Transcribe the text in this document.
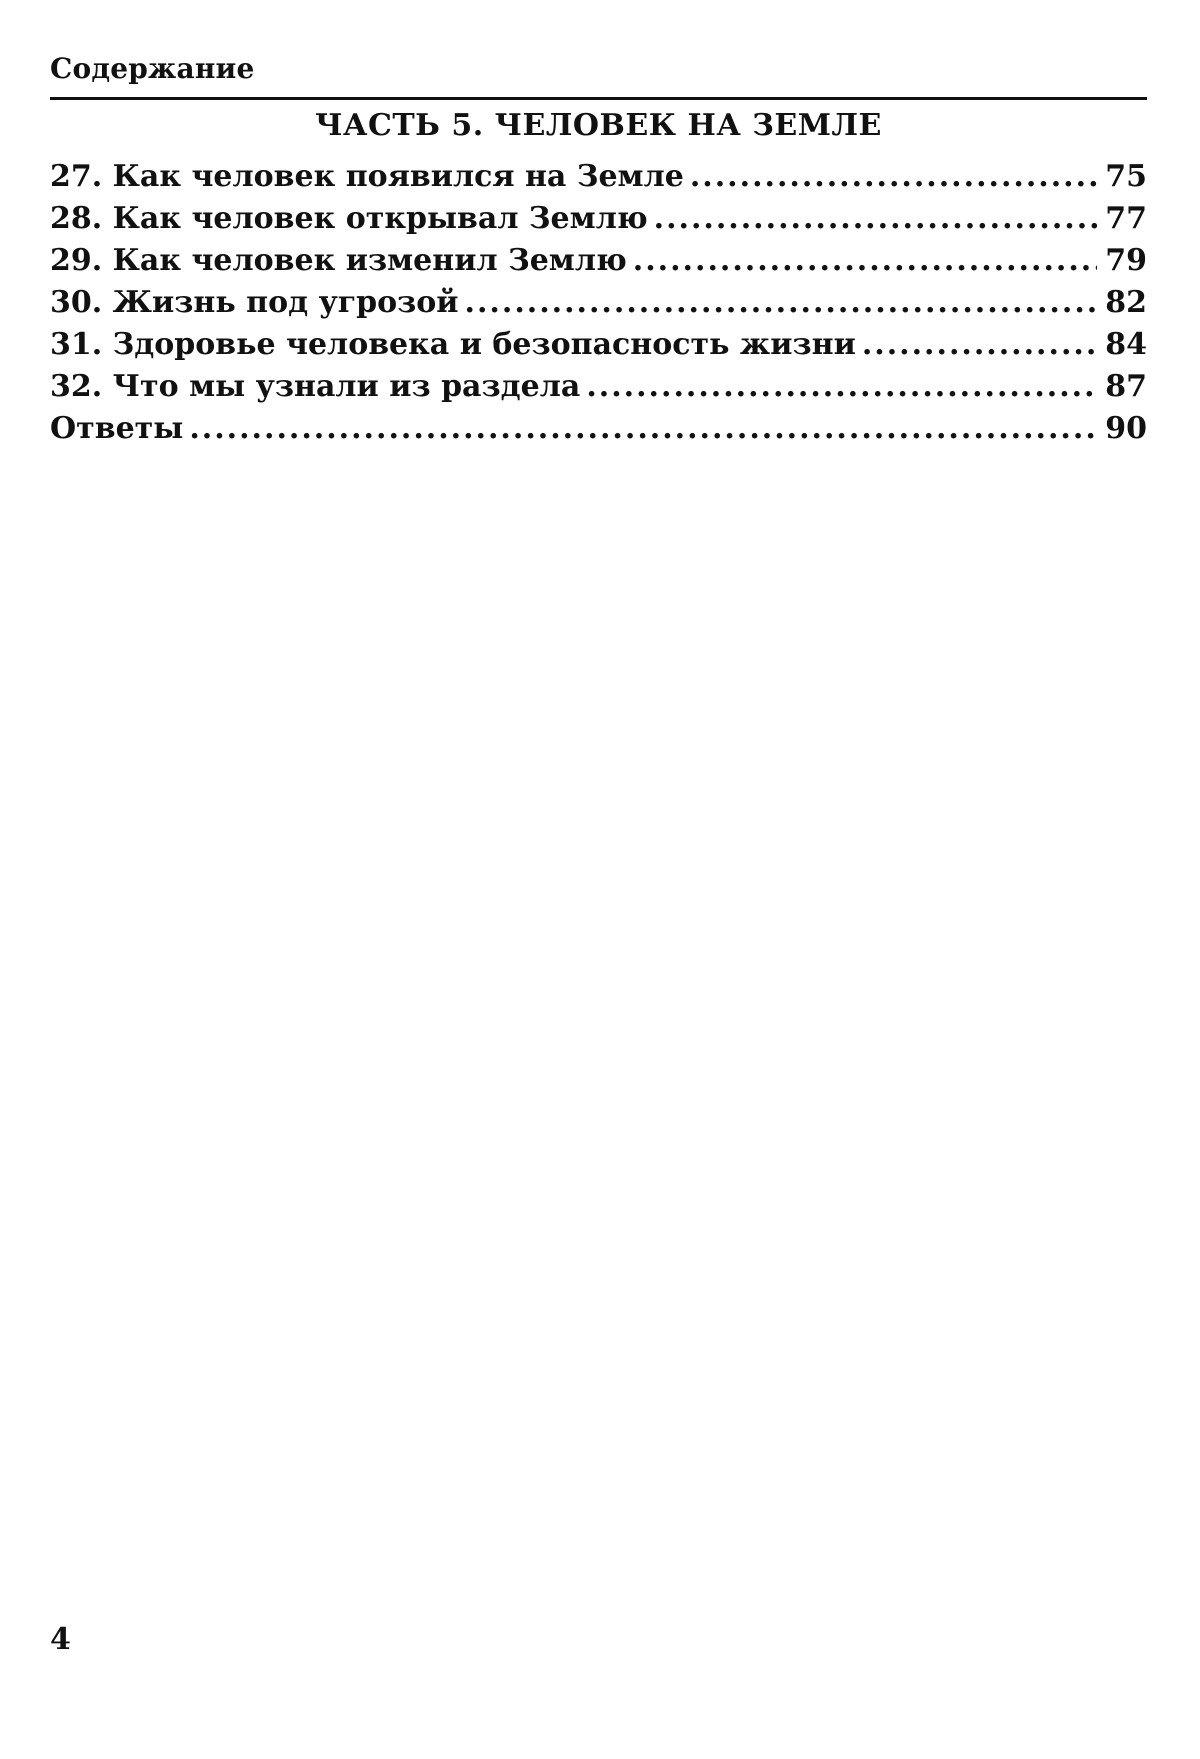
Содержание
ЧАСТЬ 5. ЧЕЛОВЕК НА ЗЕМЛЕ
27. Как человек появился на Земле .....	75
28. Как человек открывал Землю .....	77
29. Как человек изменил Землю .....	79
30. Жизнь под угрозой .....	82
31. Здоровье человека и безопасность жизни .....	84
32. Что мы узнали из раздела .....	87
Ответы .....	90
4
